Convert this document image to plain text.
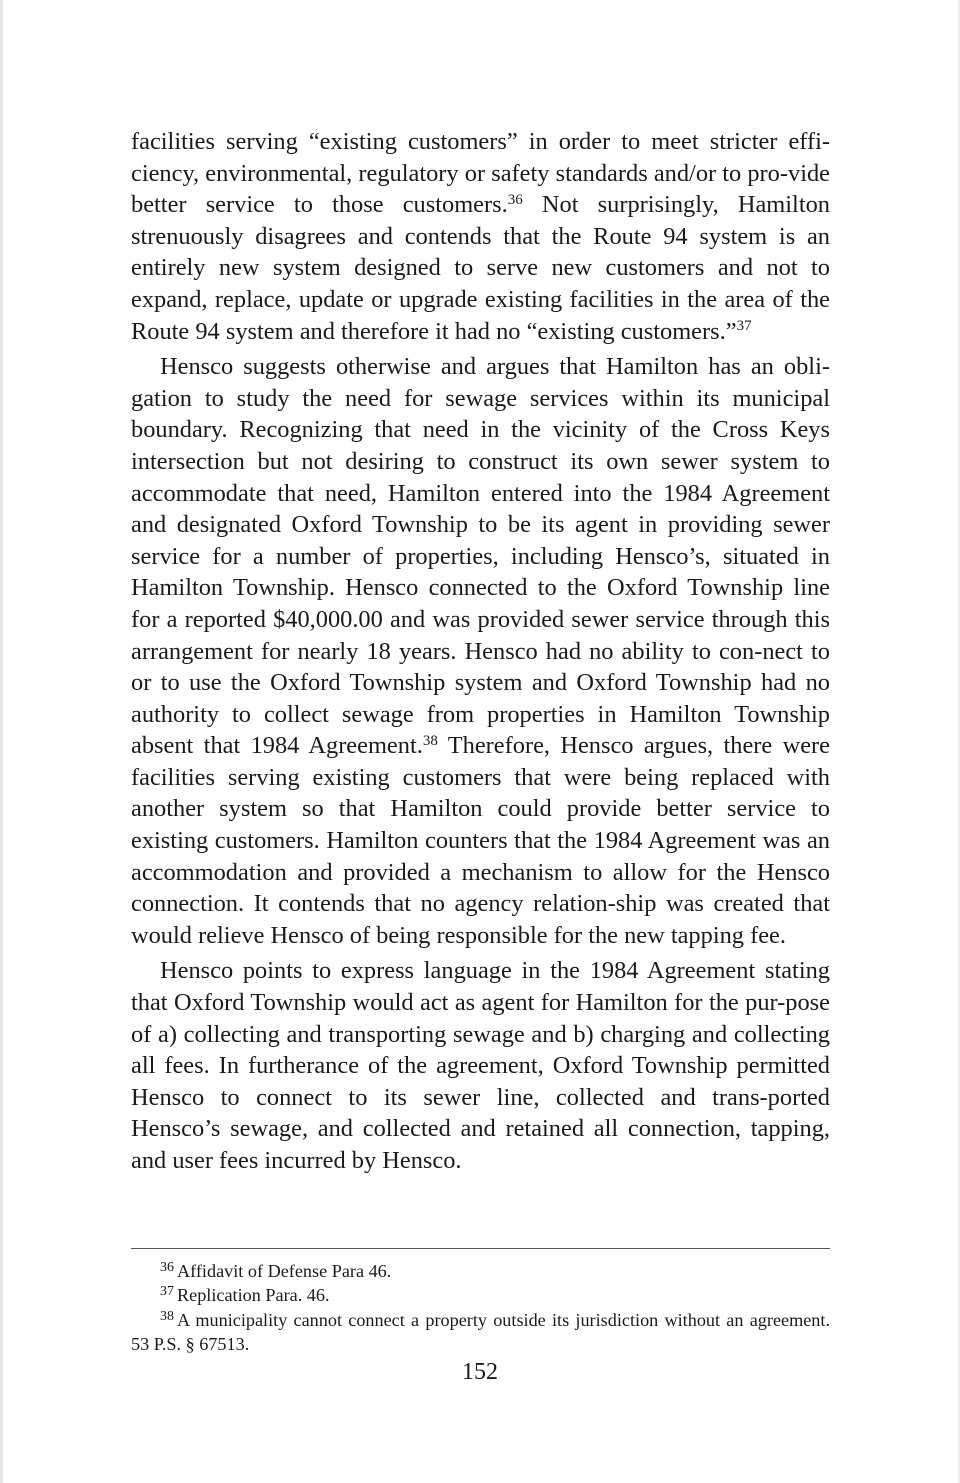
facilities serving “existing customers” in order to meet stricter effi-ciency, environmental, regulatory or safety standards and/or to pro-vide better service to those customers.$^{36}$ Not surprisingly, Hamilton strenuously disagrees and contends that the Route 94 system is an entirely new system designed to serve new customers and not to expand, replace, update or upgrade existing facilities in the area of the Route 94 system and therefore it had no “existing customers.”$^{37}$

Hensco suggests otherwise and argues that Hamilton has an obli-gation to study the need for sewage services within its municipal boundary. Recognizing that need in the vicinity of the Cross Keys intersection but not desiring to construct its own sewer system to accommodate that need, Hamilton entered into the 1984 Agreement and designated Oxford Township to be its agent in providing sewer service for a number of properties, including Hensco’s, situated in Hamilton Township. Hensco connected to the Oxford Township line for a reported $40,000.00 and was provided sewer service through this arrangement for nearly 18 years. Hensco had no ability to con-nect to or to use the Oxford Township system and Oxford Township had no authority to collect sewage from properties in Hamilton Township absent that 1984 Agreement.$^{38}$ Therefore, Hensco argues, there were facilities serving existing customers that were being replaced with another system so that Hamilton could provide better service to existing customers. Hamilton counters that the 1984 Agreement was an accommodation and provided a mechanism to allow for the Hensco connection. It contends that no agency relation-ship was created that would relieve Hensco of being responsible for the new tapping fee.

Hensco points to express language in the 1984 Agreement stating that Oxford Township would act as agent for Hamilton for the pur-pose of a) collecting and transporting sewage and b) charging and collecting all fees. In furtherance of the agreement, Oxford Township permitted Hensco to connect to its sewer line, collected and trans-ported Hensco’s sewage, and collected and retained all connection, tapping, and user fees incurred by Hensco.

$^{36}$ Affidavit of Defense Para 46.

$^{37}$ Replication Para. 46.

$^{38}$ A municipality cannot connect a property outside its jurisdiction without an agreement. 53 P.S. § 67513.

152
